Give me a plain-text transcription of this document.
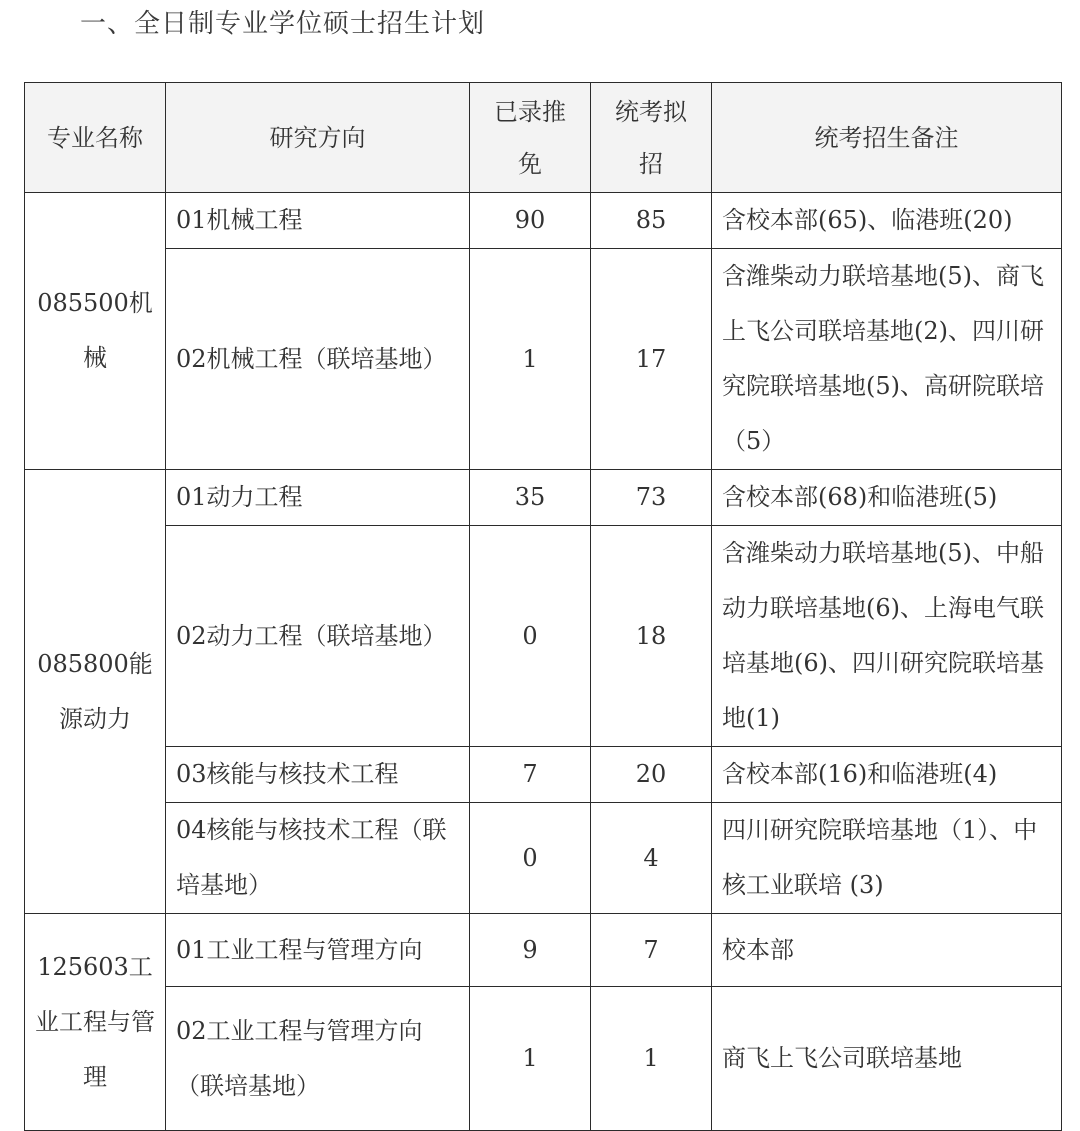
一、全日制专业学位硕士招生计划
专业名称	研究方向	已录推免	统考拟招	统考招生备注
085500机械	01机械工程	90	85	含校本部(65)、临港班(20)
	02机械工程（联培基地）	1	17	含潍柴动力联培基地(5)、商飞上飞公司联培基地(2)、四川研究院联培基地(5)、高研院联培（5）
085800能源动力	01动力工程	35	73	含校本部(68)和临港班(5)
	02动力工程（联培基地）	0	18	含潍柴动力联培基地(5)、中船动力联培基地(6)、上海电气联培基地(6)、四川研究院联培基地(1)
	03核能与核技术工程	7	20	含校本部(16)和临港班(4)
	04核能与核技术工程（联培基地）	0	4	四川研究院联培基地（1）、中核工业联培 (3)
125603工业工程与管理	01工业工程与管理方向	9	7	校本部
	02工业工程与管理方向（联培基地）	1	1	商飞上飞公司联培基地
